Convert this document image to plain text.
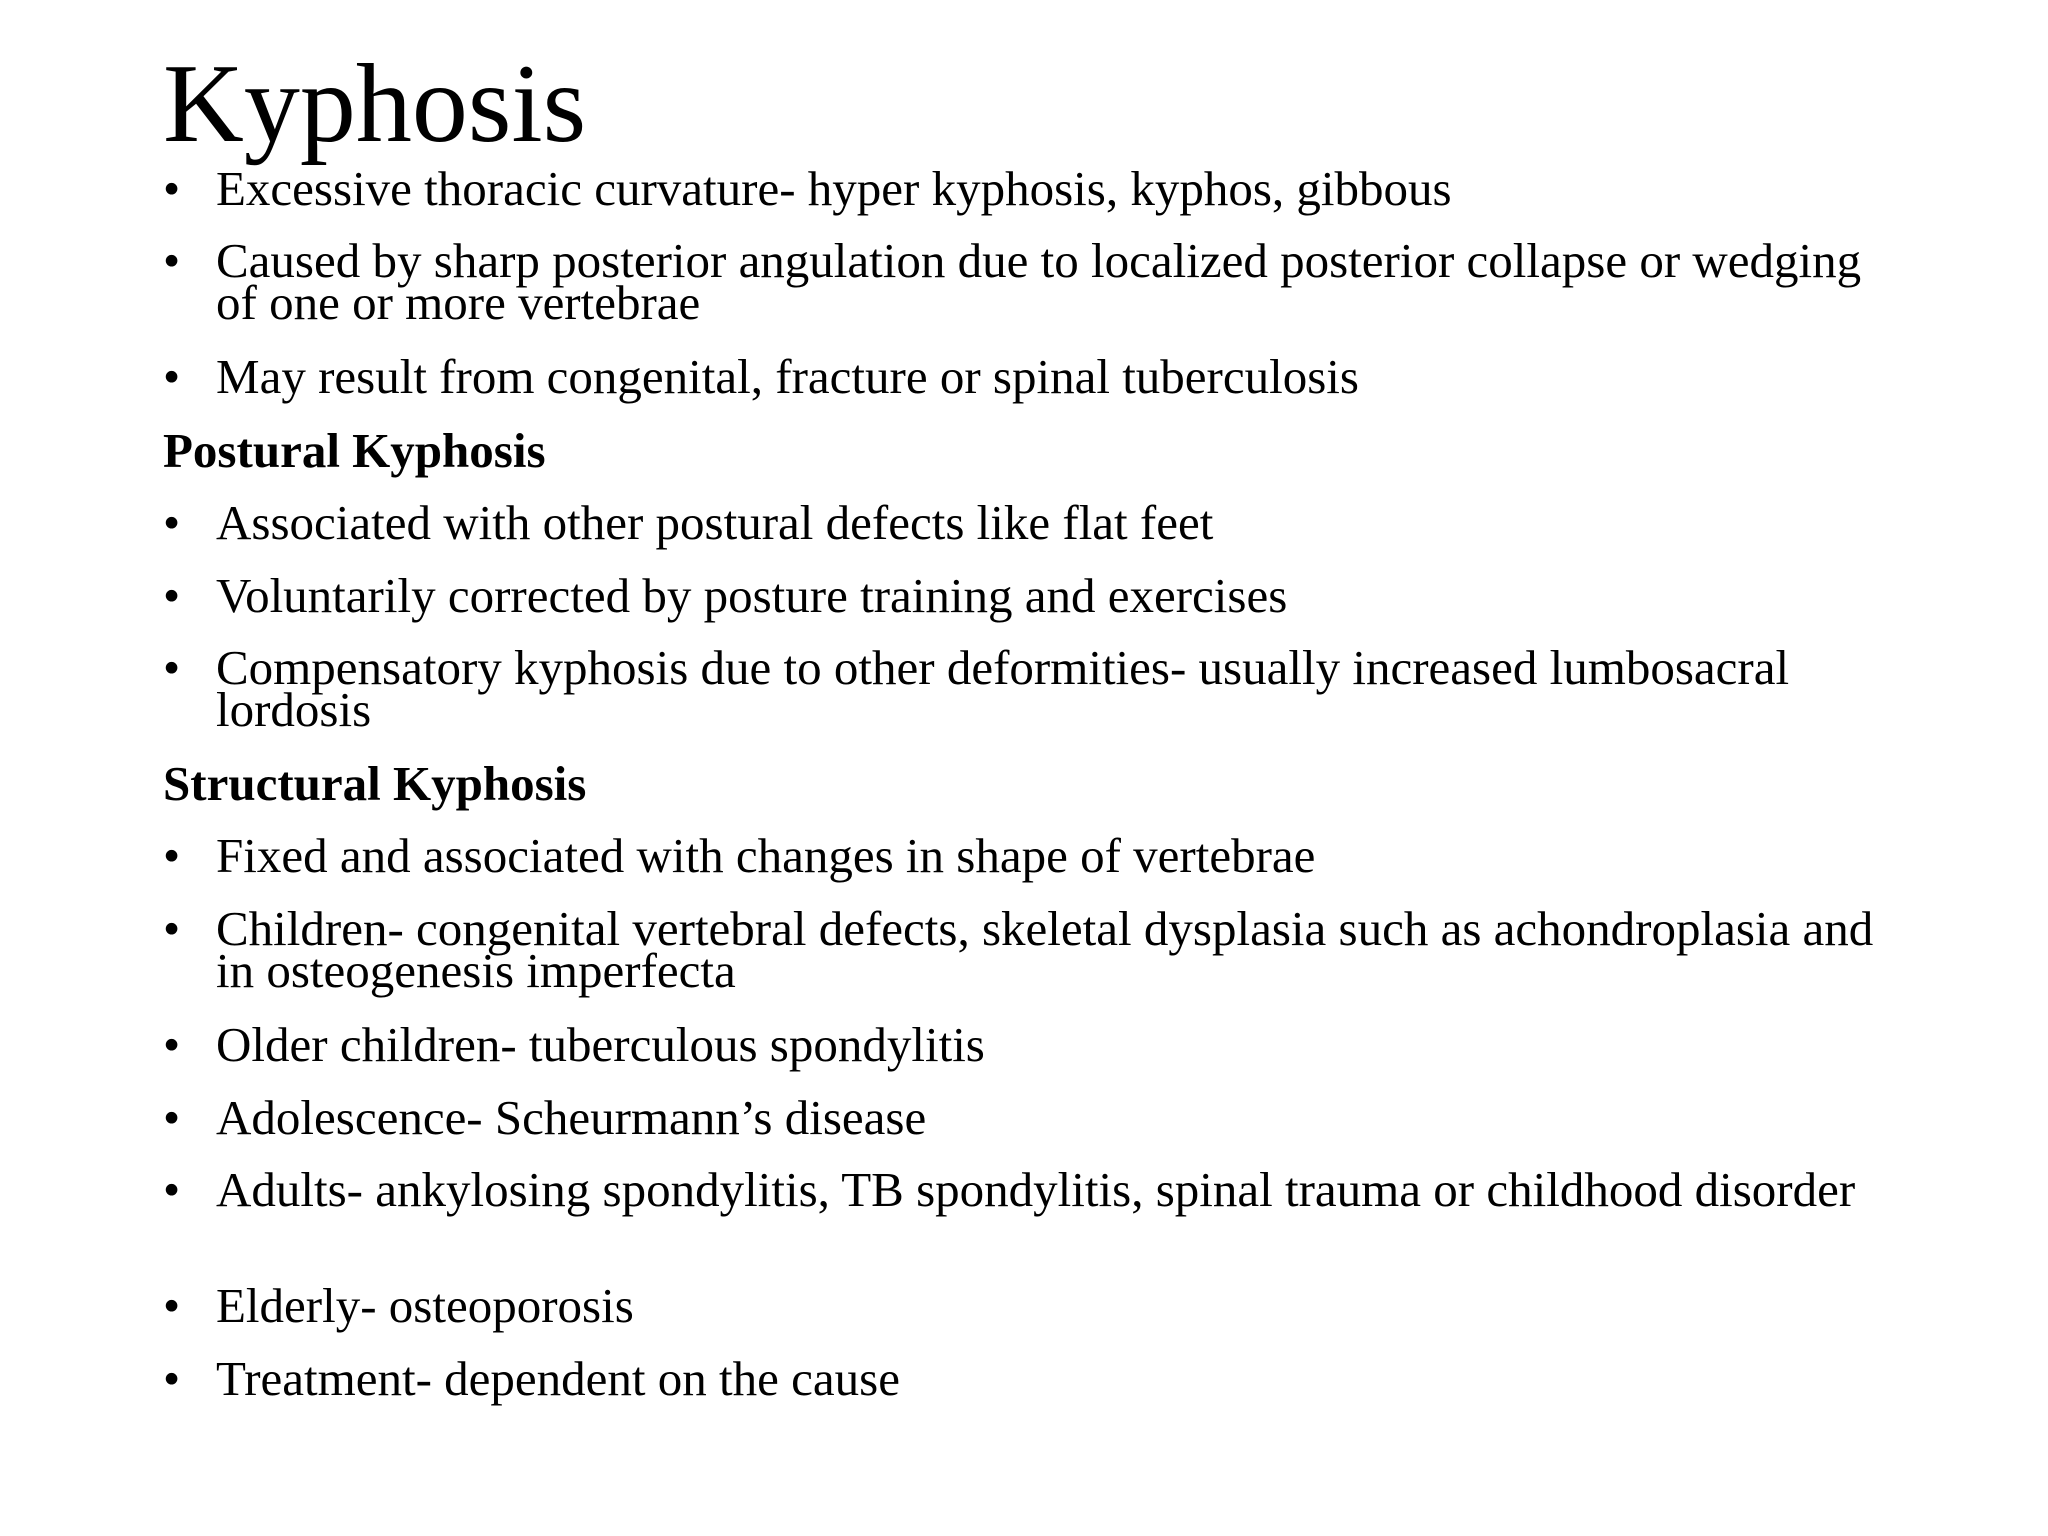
Kyphosis
• Excessive thoracic curvature- hyper kyphosis, kyphos, gibbous
• Caused by sharp posterior angulation due to localized posterior collapse or wedging of one or more vertebrae
• May result from congenital, fracture or spinal tuberculosis
Postural Kyphosis
• Associated with other postural defects like flat feet
• Voluntarily corrected by posture training and exercises
• Compensatory kyphosis due to other deformities- usually increased lumbosacral lordosis
Structural Kyphosis
• Fixed and associated with changes in shape of vertebrae
• Children- congenital vertebral defects, skeletal dysplasia such as achondroplasia and in osteogenesis imperfecta
• Older children- tuberculous spondylitis
• Adolescence- Scheurmann’s disease
• Adults- ankylosing spondylitis, TB spondylitis, spinal trauma or childhood disorder
• Elderly- osteoporosis
• Treatment- dependent on the cause
